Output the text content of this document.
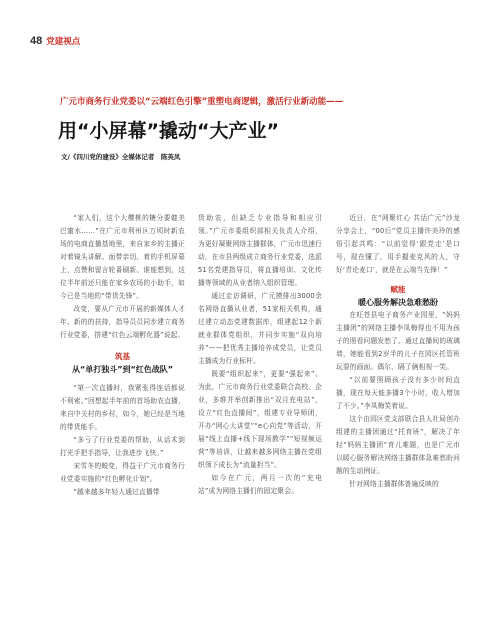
48 党建视点
广元市商务行业党委以“云端红色引擎”重塑电商逻辑，激活行业新动能——
用“小屏幕”撬动“大产业”
文/《四川党的建设》全媒体记者　陈英凤

“家人们，这个大樱桃的糖分要媲美巴蜜水……”在广元市利州区万顷时新农场的电商直播基地里，来自家乡的主播正对着镜头讲解。面带亲切、着的手机屏幕上，点赞和留言轮番刷新。谁能想到，这位半年前还只能在家乡农场的小助手，如今已是当地的“带货先锋”。

改变，要从广元市开展的新媒体人才年、新的的扶持，指导员员同步建立商务行业党委，搭建“红色云端孵化器”说起。

筑基
从“单打独斗”到“红色战队”

“第一次直播时，我紧张得连话都说不利索。”回想起半年前的首场助农直播，来自中关村的乡村，如今，她已经是当地的带货能手。

“多亏了行业党委的帮助，从话术到打光手把手指导，让我进步飞快。”

宋雪冬的蜕变，得益于广元市商务行业党委实施的“红色孵化计划”。

“越来越多年轻人通过直播带

货助农，但缺乏专业指导和相应引领。”广元市委组织部相关负责人介绍，为更好凝聚网络主播群体，广元市迅速行动，在市县两级成立商务行业党委，选派51名党建指导员，将直播培训、文化传播等领域的从业者纳入组织管理。

通过走访调研，广元摸排出3000余名网络直播从业者，51家相关机构，通过建立动态党建数据库，组建起12个新就业群体党组织，并同步实施“双向培养”——把优秀主播培养成党员，让党员主播成为行业标杆。

既要“组织起来”，更要“强起来”。为此，广元市商务行业党委联合高校、企业，多维并举创新推出“双月充电站”，设立“红色直播间”，组建专业导师团，开办“网心大讲堂”“e心向党”等活动，开展“线上直播+线下现场教学”“短视频运营”等培训，让越来越多网络主播在党组织领下成长为“流量担当”。

如今在广元，两月一次的“充电站”成为网络主播们的固定聚会。

近日，在“网聚红心 共话广元”沙龙分享会上，“00后”党员主播许美玲的感悟引起共鸣：“以前觉得‘跟党走’是口号，现在懂了，用手握麦克风的人，守好‘青论麦口’，就是在云端当先锋！”

赋能
暖心服务解决急难愁盼

在旺苍县电子商务产业园里，“妈妈主播团”的网络主播李凤梅得也不用为孩子的照看问题发愁了。通过直播间的玻璃墙，她能看到2岁半的儿子在园区托管班玩耍的画面。偶尔，隔了俩相视一笑。

“以前要照顾孩子没有多少时间直播，现在每天能多播3个小时，收入增加了不少。”李凤梅笑着说。

这个由园区党支部联合县人社局创办组建的主播团通过“托育班”，解决了年轻“妈妈主播团”育儿难题，也是广元市以暖心服务解决网络主播群体急难愁盼问题的生动例证。

针对网络主播群体普遍反映的
